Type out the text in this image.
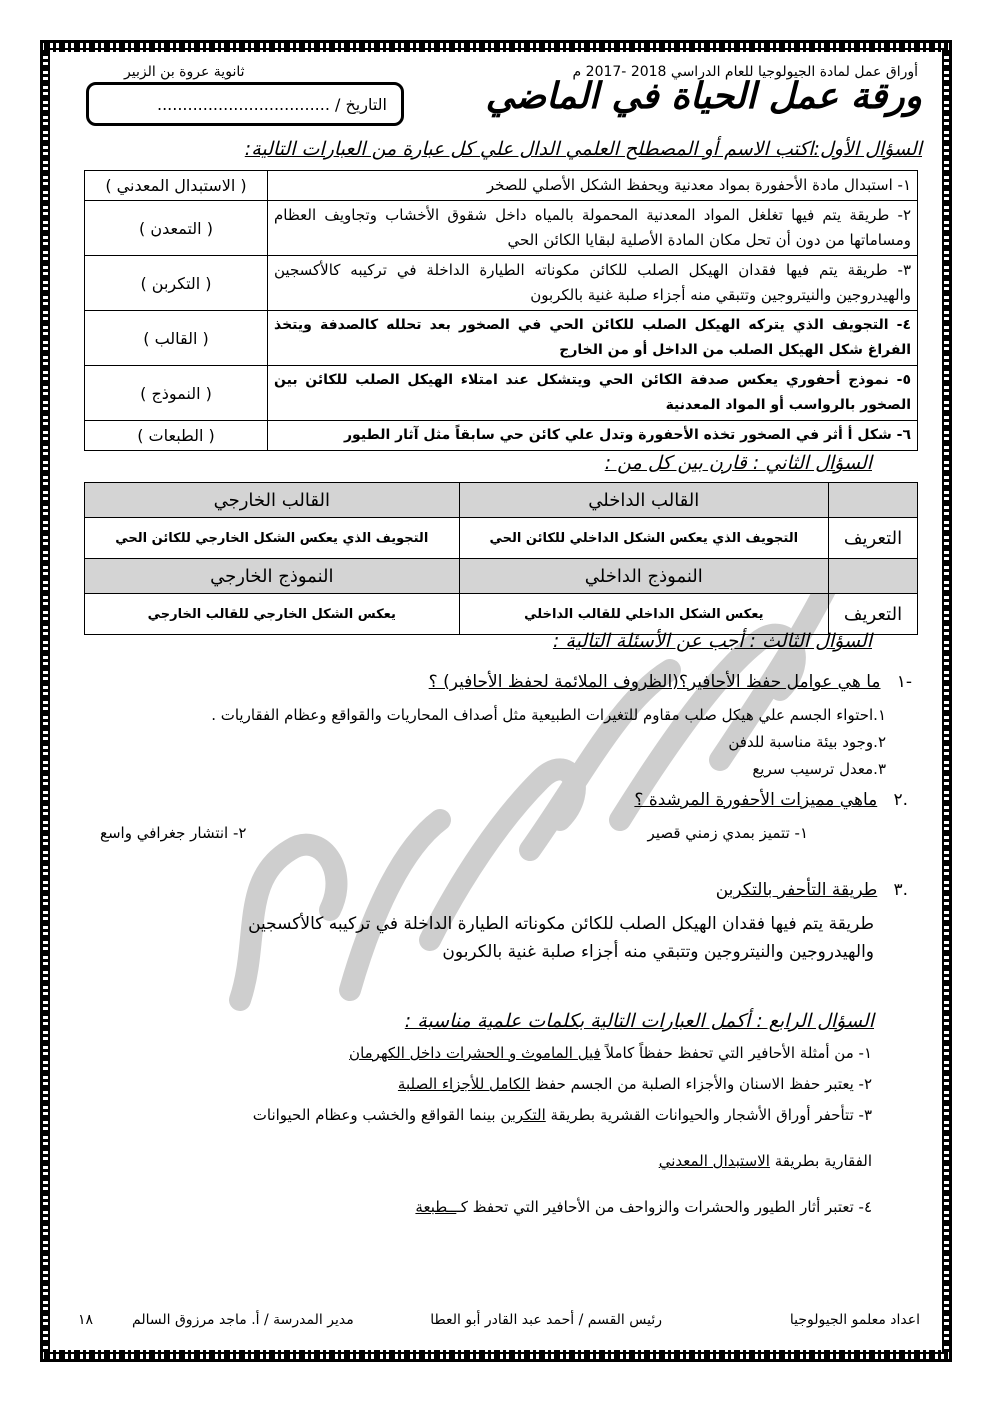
أوراق عمل لمادة الجيولوجيا للعام الدراسي 2018 -2017 م
ثانوية عروة بن الزبير
التاريخ / ..................................	ورقة عمل الحياة في الماضي
السؤال الأول:اكتب الاسم أو المصطلح العلمي الدال علي كل عبارة من العبارات التالية:
١- استبدال مادة الأحفورة بمواد معدنية ويحفظ الشكل الأصلي للصخر	( الاستبدال المعدني )
٢- طريقة يتم فيها تغلغل المواد المعدنية المحمولة بالمياه داخل شقوق الأخشاب وتجاويف العظام ومساماتها من دون أن تحل مكان المادة الأصلية لبقايا الكائن الحي	( التمعدن )
٣- طريقة يتم فيها فقدان الهيكل الصلب للكائن مكوناته الطيارة الداخلة في تركيبه كالأكسجين والهيدروجين والنيتروجين وتتبقي منه أجزاء صلبة غنية بالكربون	( التكربن )
٤- التجويف الذي يتركه الهيكل الصلب للكائن الحي في الصخور بعد تحلله كالصدفة ويتخذ الفراغ شكل الهيكل الصلب من الداخل أو من الخارج	( القالب )
٥- نموذج أحفوري يعكس صدفة الكائن الحي ويتشكل عند امتلاء الهيكل الصلب للكائن بين الصخور بالرواسب أو المواد المعدنية	( النموذج )
٦- شكل أ أثر في الصخور تخذه الأحفورة وتدل علي كائن حي سابقاً مثل آثار الطيور	( الطبعات )
السؤال الثاني : قارن بين كل من :
	القالب الداخلي	القالب الخارجي
التعريف	التجويف الذي يعكس الشكل الداخلي للكائن الحي	التجويف الذي يعكس الشكل الخارجي للكائن الحي
	النموذج الداخلي	النموذج الخارجي
التعريف	يعكس الشكل الداخلي للقالب الداخلي	يعكس الشكل الخارجي للقالب الخارجي
السؤال الثالث : أجب عن الأسئلة التالية :
-١   ما هي عوامل حفظ الأحافير؟(الظروف الملائمة لحفظ الأحافير) ؟
١.احتواء الجسم علي هيكل صلب مقاوم للتغيرات الطبيعية مثل أصداف المحاريات والقواقع وعظام الفقاريات .
٢.وجود بيئة مناسبة للدفن
٣.معدل ترسيب سريع
.٢   ماهي مميزات الأحفورة المرشدة ؟
١- تتميز بمدي زمني قصير
٢- انتشار جغرافي واسع
.٣   طريقة التأحفر بالتكربن
طريقة يتم فيها فقدان الهيكل الصلب للكائن مكوناته الطيارة الداخلة في تركيبه كالأكسجين
والهيدروجين والنيتروجين وتتبقي منه أجزاء صلبة غنية بالكربون
السؤال الرابع : أكمل العبارات التالية بكلمات علمية مناسبة :
١- من أمثلة الأحافير التي تحفظ حفظاً كاملاً فيل الماموث و الحشرات داخل الكهرمان
٢- يعتبر حفظ الاسنان والأجزاء الصلبة من الجسم حفظ الكامل للأجزاء الصلبة
٣- تتأحفر أوراق الأشجار والحيوانات القشرية بطريقة التكربن بينما القواقع والخشب وعظام الحيوانات
الفقارية بطريقة الاستبدال المعدني
٤- تعتبر أثار الطيور والحشرات والزواحف من الأحافير التي تحفظ كـــطبعة
اعداد معلمو الجيولوجيا
رئيس القسم / أحمد عبد القادر أبو العطا
مدير المدرسة / أ. ماجد مرزوق السالم
١٨
